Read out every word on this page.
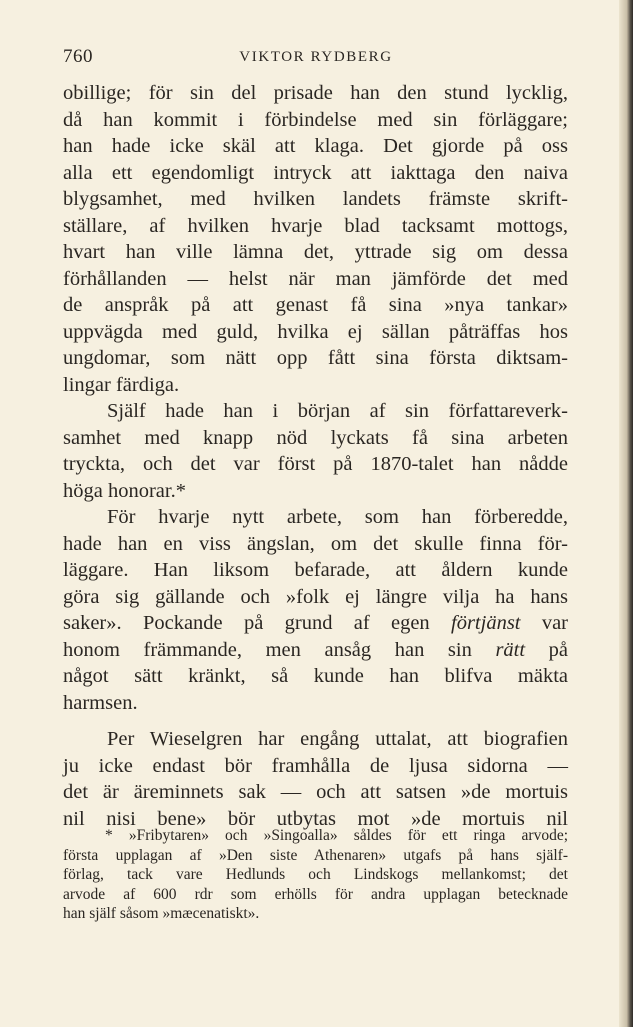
760	VIKTOR RYDBERG
obillige; för sin del prisade han den stund lycklig,
då han kommit i förbindelse med sin förläggare;
han hade icke skäl att klaga. Det gjorde på oss
alla ett egendomligt intryck att iakttaga den naiva
blygsamhet, med hvilken landets främste skrift-
ställare, af hvilken hvarje blad tacksamt mottogs,
hvart han ville lämna det, yttrade sig om dessa
förhållanden — helst när man jämförde det med
de anspråk på att genast få sina »nya tankar»
uppvägda med guld, hvilka ej sällan påträffas hos
ungdomar, som nätt opp fått sina första diktsam-
lingar färdiga.
Själf hade han i början af sin författareverk-
samhet med knapp nöd lyckats få sina arbeten
tryckta, och det var först på 1870-talet han nådde
höga honorar.*
För hvarje nytt arbete, som han förberedde,
hade han en viss ängslan, om det skulle finna för-
läggare. Han liksom befarade, att åldern kunde
göra sig gällande och »folk ej längre vilja ha hans
saker». Pockande på grund af egen förtjänst var
honom främmande, men ansåg han sin rätt på
något sätt kränkt, så kunde han blifva mäkta
harmsen.
Per Wieselgren har engång uttalat, att biografien
ju icke endast bör framhålla de ljusa sidorna —
det är äreminnets sak — och att satsen »de mortuis
nil nisi bene» bör utbytas mot »de mortuis nil
* »Fribytaren» och »Singoalla» såldes för ett ringa arvode;
första upplagan af »Den siste Athenaren» utgafs på hans själf-
förlag, tack vare Hedlunds och Lindskogs mellankomst; det
arvode af 600 rdr som erhölls för andra upplagan betecknade
han själf såsom »mæcenatiskt».
